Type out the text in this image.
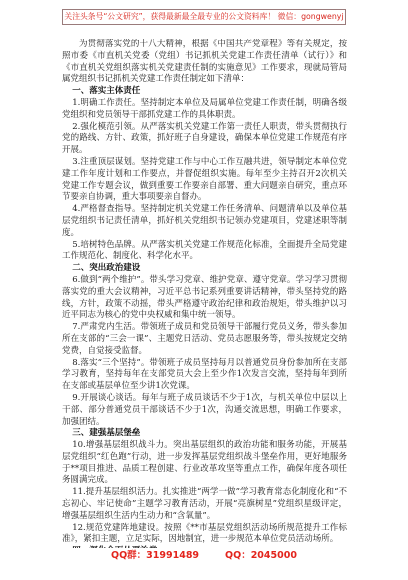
关注头条号“公文研究”，获得最新最全最专业的公文资料库！ 微信：gongwenyj

为贯彻落实党的十八大精神，根据《中国共产党章程》等有关规定，按照市委《市直机关党委（党组）书记抓机关党建工作责任清单（试行）》和《市直机关党组织落实机关党建责任制的实施意见》工作要求，现就局管局属党组织书记抓机关党建工作责任制定如下清单：

一、落实主体责任

1.明确工作责任。坚持制定本单位及局属单位党建工作责任制，明确各级党组织和党员领导干部抓党建工作的具体职责。

2.强化模范引领。从严落实机关党建工作第一责任人职责，带头贯彻执行党的路线、方针、政策，抓好班子自身建设，确保本单位党建工作规范有序开展。

3.注重顶层谋划。坚持党建工作与中心工作互融共进，领导制定本单位党建工作年度计划和工作要点，并督促组织实施。每年至少主持召开2次机关党建工作专题会议，做到重要工作要亲自部署、重大问题亲自研究，重点环节要亲自协调，重大事项要亲自督办。

4.严格督查指导。坚持制定机关党建工作任务清单、问题清单以及单位基层党组织书记责任清单，抓好机关党组织书记领办党建项目，党建述职等制度。

5.培树特色品牌。从严落实机关党建工作规范化标准，全面提升全局党建工作规范化、制度化、科学化水平。

二、突出政治建设

6.做到“两个维护”。带头学习党章、维护党章、遵守党章。学习学习贯彻落实党的重大会议精神，习近平总书记系列重要讲话精神，带头坚持党的路线，方针，政策不动摇，带头严格遵守政治纪律和政治规矩，带头维护以习近平同志为核心的党中央权威和集中统一领导。

7.严肃党内生活。带领班子成员和党员领导干部履行党员义务，带头参加所在支部的“三会一课”、主题党日活动、党员志愿服务等，带头按规定交纳党费，自觉接受监督。

8.落实“三个坚持”。带领班子成员坚持每月以普通党员身份参加所在支部学习教育，坚持每年在支部党员大会上至少作1次发言交流，坚持每年到所在支部或基层单位至少讲1次党课。

9.开展谈心谈话。每年与班子成员谈话不少于1次，与机关单位中层以上干部、部分普通党员干部谈话不少于1次，沟通交流思想，明确工作要求，加强团结。

三、建强基层堡垒

10.增强基层组织战斗力。突出基层组织的政治功能和服务功能，开展基层党组织“红色跑”行动，进一步发挥基层党组织战斗堡垒作用，更好地服务于**项目推进、品质工程创建、行业改革攻坚等重点工作，确保年度各项任务圆满完成。

11.提升基层组织活力。扎实推进“两学一做”学习教育常态化制度化和“不忘初心、牢记使命”主题学习教育活动，开展“亮旗树星”党组织星级评定，增强基层组织生活内生动力和“含氧量”。

12.规范党建阵地建设。按照《**市基层党组织活动场所规范提升工作标准》，紧扣主题，立足实际，因地制宜，进一步规范本单位党员活动场所。

QQ群：31991489	QQ：2045000
